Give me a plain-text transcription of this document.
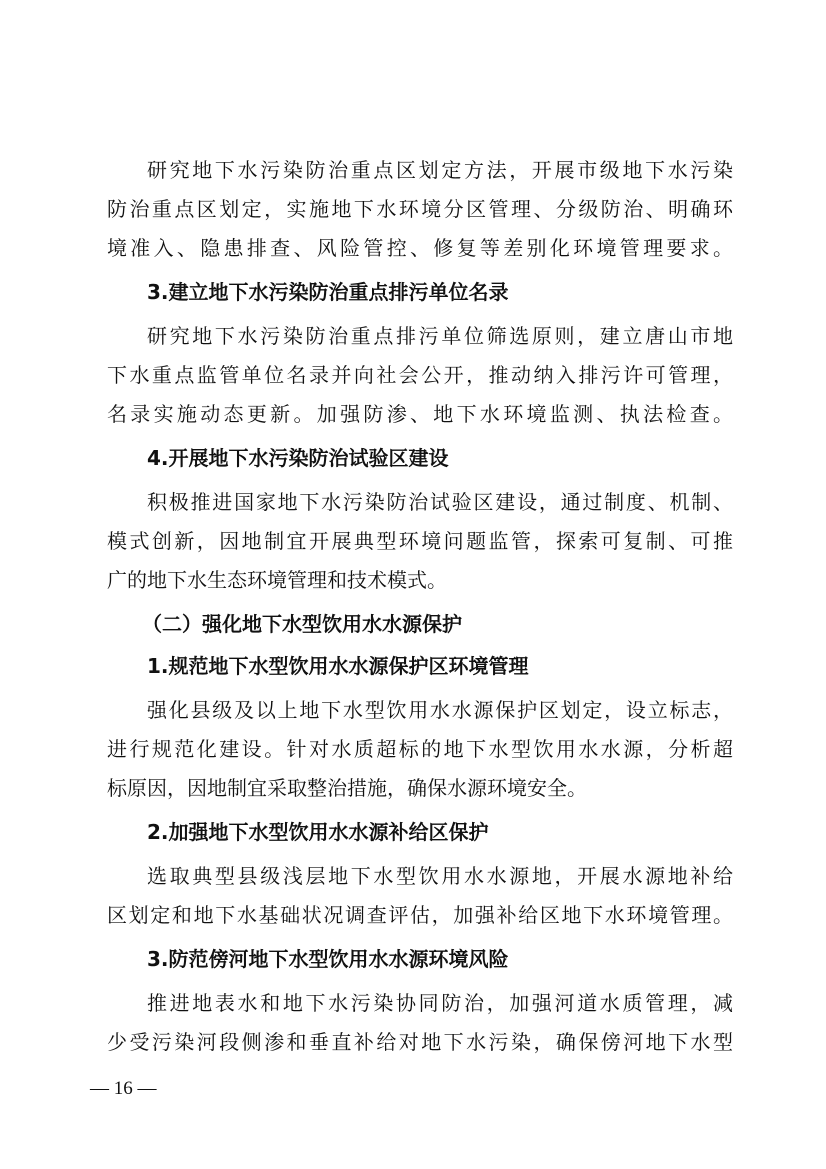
研究地下水污染防治重点区划定方法，开展市级地下水污染
防治重点区划定，实施地下水环境分区管理、分级防治、明确环
境准入、隐患排查、风险管控、修复等差别化环境管理要求。
3.建立地下水污染防治重点排污单位名录
研究地下水污染防治重点排污单位筛选原则，建立唐山市地
下水重点监管单位名录并向社会公开，推动纳入排污许可管理，
名录实施动态更新。加强防渗、地下水环境监测、执法检查。
4.开展地下水污染防治试验区建设
积极推进国家地下水污染防治试验区建设，通过制度、机制、
模式创新，因地制宜开展典型环境问题监管，探索可复制、可推
广的地下水生态环境管理和技术模式。
（二）强化地下水型饮用水水源保护
1.规范地下水型饮用水水源保护区环境管理
强化县级及以上地下水型饮用水水源保护区划定，设立标志，
进行规范化建设。针对水质超标的地下水型饮用水水源，分析超
标原因，因地制宜采取整治措施，确保水源环境安全。
2.加强地下水型饮用水水源补给区保护
选取典型县级浅层地下水型饮用水水源地，开展水源地补给
区划定和地下水基础状况调查评估，加强补给区地下水环境管理。
3.防范傍河地下水型饮用水水源环境风险
推进地表水和地下水污染协同防治，加强河道水质管理，减
少受污染河段侧渗和垂直补给对地下水污染，确保傍河地下水型
— 16 —
